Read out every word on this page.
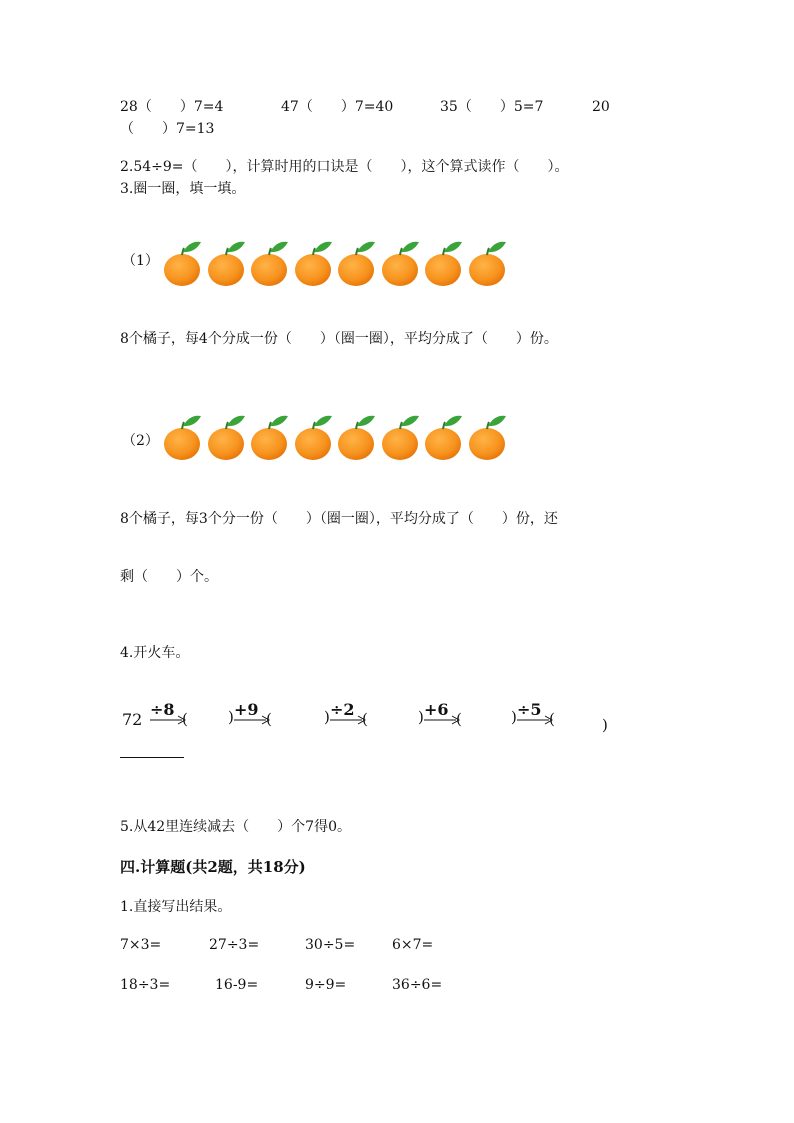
28（　　）7=4	47（　　）7=40	35（　　）5=7	20
（　　）7=13
2.54÷9=（　　），计算时用的口诀是（　　），这个算式读作（　　）。
3.圈一圈，填一填。
（1）
8个橘子，每4个分成一份（　　）（圈一圈），平均分成了（　　）份。
（2）
8个橘子，每3个分一份（　　）（圈一圈），平均分成了（　　）份，还
剩（　　）个。
4.开火车。
72
÷8 (	) +9 (	) ÷2 (	) +6 (	) ÷5 (	)
5.从42里连续减去（　　）个7得0。
四.计算题(共2题，共18分)
1.直接写出结果。
7×3=	27÷3=	30÷5=	6×7=
18÷3=	16-9=	9÷9=	36÷6=
